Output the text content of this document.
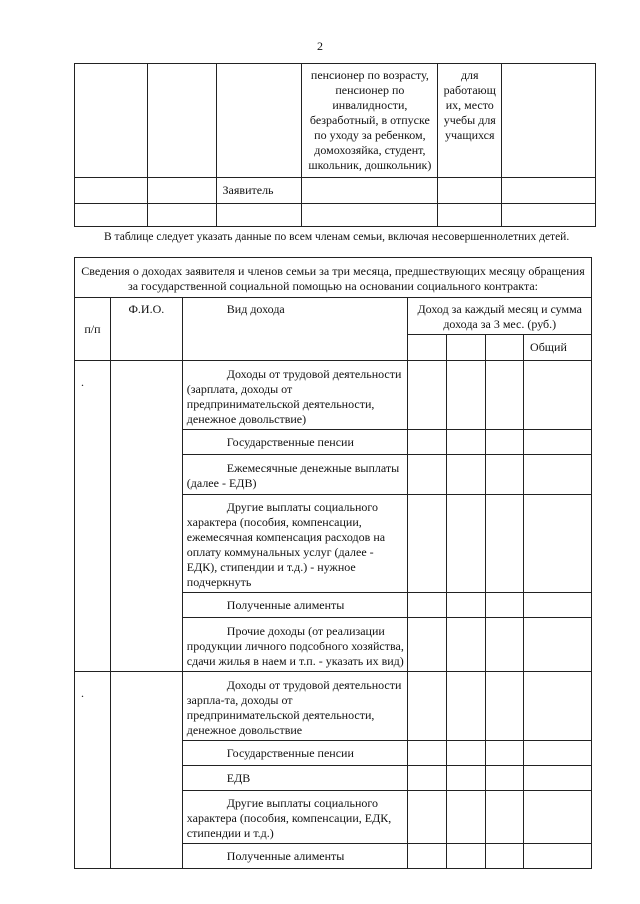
2
			пенсионер по возрасту, пенсионер по инвалидности, безработный, в отпуске по уходу за ребенком, домохозяйка, студент, школьник, дошкольник)	для работающ их, место учебы для учащихся	
		Заявитель			

В таблице следует указать данные по всем членам семьи, включая несовершеннолетних детей.
Сведения о доходах заявителя и членов семьи за три месяца, предшествующих месяцу обращения за государственной социальной помощью на основании социального контракта:						
п/п	Ф.И.О.	Вид дохода	Доход за каждый месяц и сумма дохода за 3 мес. (руб.)			
						Общий
.		Доходы от трудовой деятельности (зарплата, доходы от предпринимательской деятельности, денежное довольствие)				
		Государственные пенсии				
		Ежемесячные денежные выплаты (далее - ЕДВ)				
		Другие выплаты социального характера (пособия, компенсации, ежемесячная компенсация расходов на оплату коммунальных услуг (далее - ЕДК), стипендии и т.д.) - нужное подчеркнуть				
		Полученные алименты				
		Прочие доходы (от реализации продукции личного подсобного хозяйства, сдачи жилья в наем и т.п. - указать их вид)				
.		Доходы от трудовой деятельности зарпла-та, доходы от предпринимательской деятельности, денежное довольствие				
		Государственные пенсии				
		ЕДВ				
		Другие выплаты социального характера (пособия, компенсации, ЕДК, стипендии и т.д.)				
		Полученные алименты				
